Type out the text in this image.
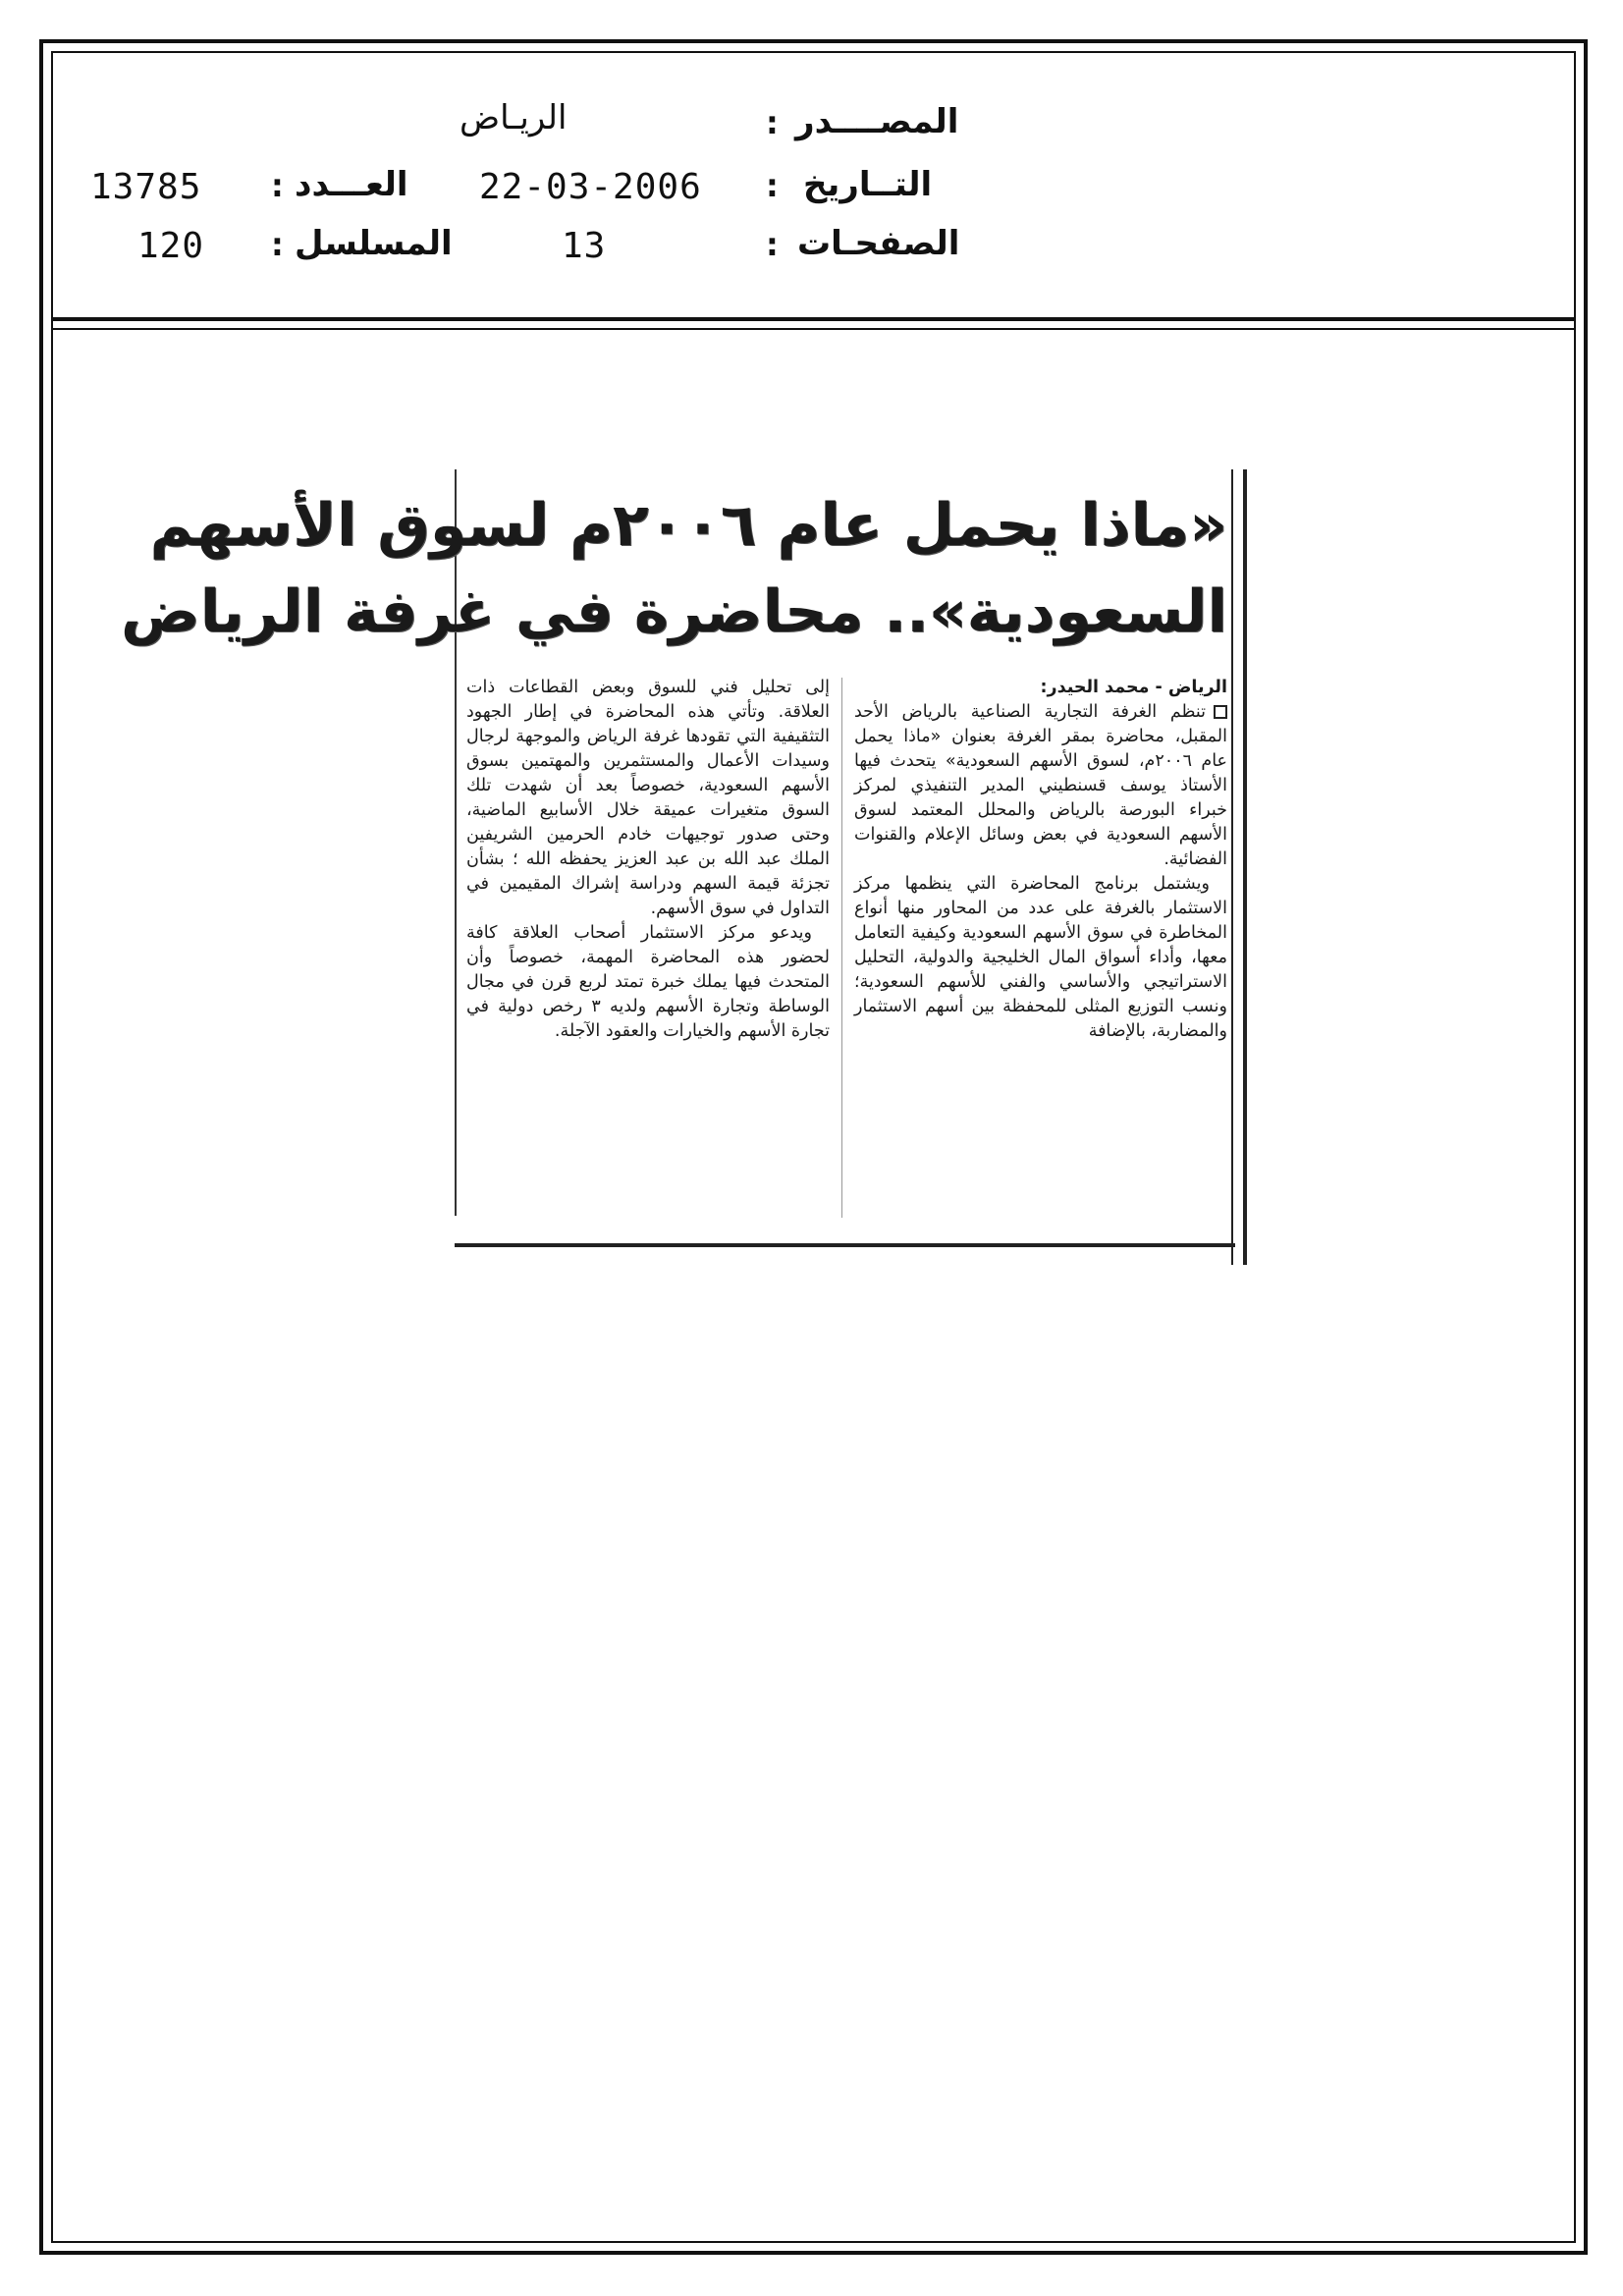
المصــــدر
:
الريـاض
التــاريخ
:
22-03-2006
الصفحـات
:
13
العـــدد
:
13785
المسلسل
:
120
«ماذا يحمل عام ٢٠٠٦م لسوق الأسهم
السعودية».. محاضرة في غرفة الرياض
الرياض - محمد الحيدر:

تنظم الغرفة التجارية الصناعية بالرياض الأحد المقبل، محاضرة بمقر الغرفة بعنوان «ماذا يحمل عام ٢٠٠٦م، لسوق الأسهم السعودية» يتحدث فيها الأستاذ يوسف قسنطيني المدير التنفيذي لمركز خبراء البورصة بالرياض والمحلل المعتمد لسوق الأسهم السعودية في بعض وسائل الإعلام والقنوات الفضائية.

ويشتمل برنامج المحاضرة التي ينظمها مركز الاستثمار بالغرفة على عدد من المحاور منها أنواع المخاطرة في سوق الأسهم السعودية وكيفية التعامل معها، وأداء أسواق المال الخليجية والدولية، التحليل الاستراتيجي والأساسي والفني للأسهم السعودية؛ ونسب التوزيع المثلى للمحفظة بين أسهم الاستثمار والمضاربة، بالإضافة

إلى تحليل فني للسوق وبعض القطاعات ذات العلاقة. وتأتي هذه المحاضرة في إطار الجهود التثقيفية التي تقودها غرفة الرياض والموجهة لرجال وسيدات الأعمال والمستثمرين والمهتمين بسوق الأسهم السعودية، خصوصاً بعد أن شهدت تلك السوق متغيرات عميقة خلال الأسابيع الماضية، وحتى صدور توجيهات خادم الحرمين الشريفين الملك عبد الله بن عبد العزيز يحفظه الله ؛ بشأن تجزئة قيمة السهم ودراسة إشراك المقيمين في التداول في سوق الأسهم.

ويدعو مركز الاستثمار أصحاب العلاقة كافة لحضور هذه المحاضرة المهمة، خصوصاً وأن المتحدث فيها يملك خبرة تمتد لربع قرن في مجال الوساطة وتجارة الأسهم ولديه ٣ رخص دولية في تجارة الأسهم والخيارات والعقود الآجلة.
